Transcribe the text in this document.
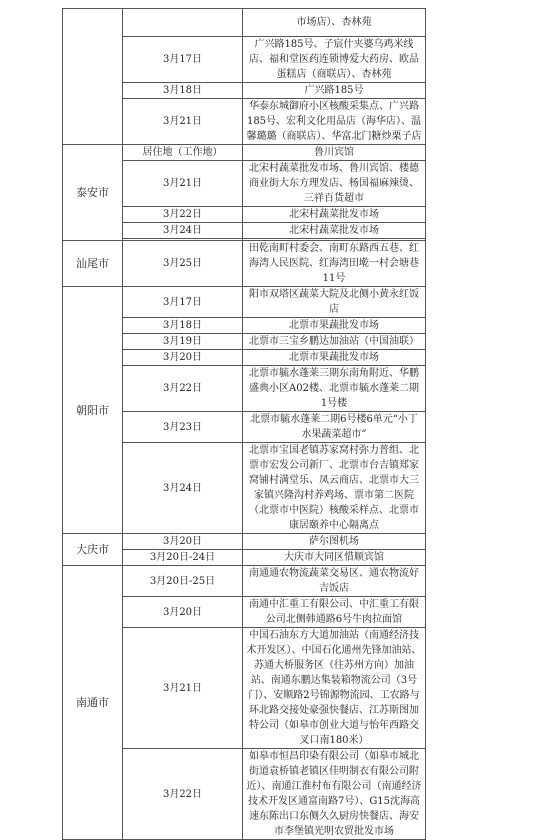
		市场店）、杏林苑
	3月17日	广兴路185号、子宸什夹婆乌鸡米线店、福和堂医药连锁博爱大药房、欧品蛋糕店（商联店）、杏林苑
	3月18日	广兴路185号
	3月21日	华泰东城御府小区核酸采集点、广兴路185号、宏利文化用品店（海华店）、温馨璐璐（商联店）、华富北门糖炒栗子店
泰安市	居住地（工作地）	鲁川宾馆
	3月21日	北宋村蔬菜批发市场、鲁川宾馆、楼德商业街大东方理发店、杨国福麻辣烫、三祥百货超市
	3月22日	北宋村蔬菜批发市场
	3月24日	北宋村蔬菜批发市场

汕尾市	3月25日	田乾南町村委会、南町东路西五巷、红海湾人民医院、红海湾田墘一村会塘巷11号
朝阳市	3月17日	阳市双塔区蔬菜大院及北侧小黄永红饭店
	3月18日	北票市果蔬批发市场
	3月19日	北票市三宝乡鹏达加油站（中国油联）
	3月20日	北票市果蔬批发市场
	3月22日	北票市毓水蓬莱三期东南角附近、华鹏盛典小区A02楼、北票市毓水蓬莱二期1号楼
	3月23日	北票市毓水蓬莱二期6号楼6单元“小丁水果蔬菜超市”
	3月24日	北票市宝国老镇苏家窝村弥力普组、北票市宏发公司新厂、北票市台吉镇郑家窝铺村满堂乐、凤云商店、北票市大三家镇兴隆沟村养鸡场、票市第二医院（北票市中医院）核酸采样点、北票市康居颐养中心隔离点
大庆市	3月20日	萨尔图机场
	3月20日-24日	大庆市大同区惜顺宾馆
南通市	3月20日-25日	南通通农物流蔬菜交易区、通农物流好吉饭店
	3月20日	南通中汇重工有限公司、中汇重工有限公司北侧韩通路6号牛肉拉面馆
	3月21日	中国石油东方大道加油站（南通经济技术开发区）、中国石化通州先锋加油站、苏通大桥服务区（往苏州方向）加油站、南通东鹏达集装箱物流公司（3号门）、安顺路2号锦源物流园、工农路与环北路交接处豪强快餐店、江苏斯图加特公司（如皋市创业大道与怡年西路交叉口南180米）
	3月22日	如皋市恒昌印染有限公司（如皋市城北街道袁桥镇老镇区佳明制衣有限公司附近）、南通江淮村布有限公司（南通经济技术开发区通富南路7号）、G15沈海高速东陈出口东侧久久厨房快餐店、海安市李堡镇光明农贸批发市场
